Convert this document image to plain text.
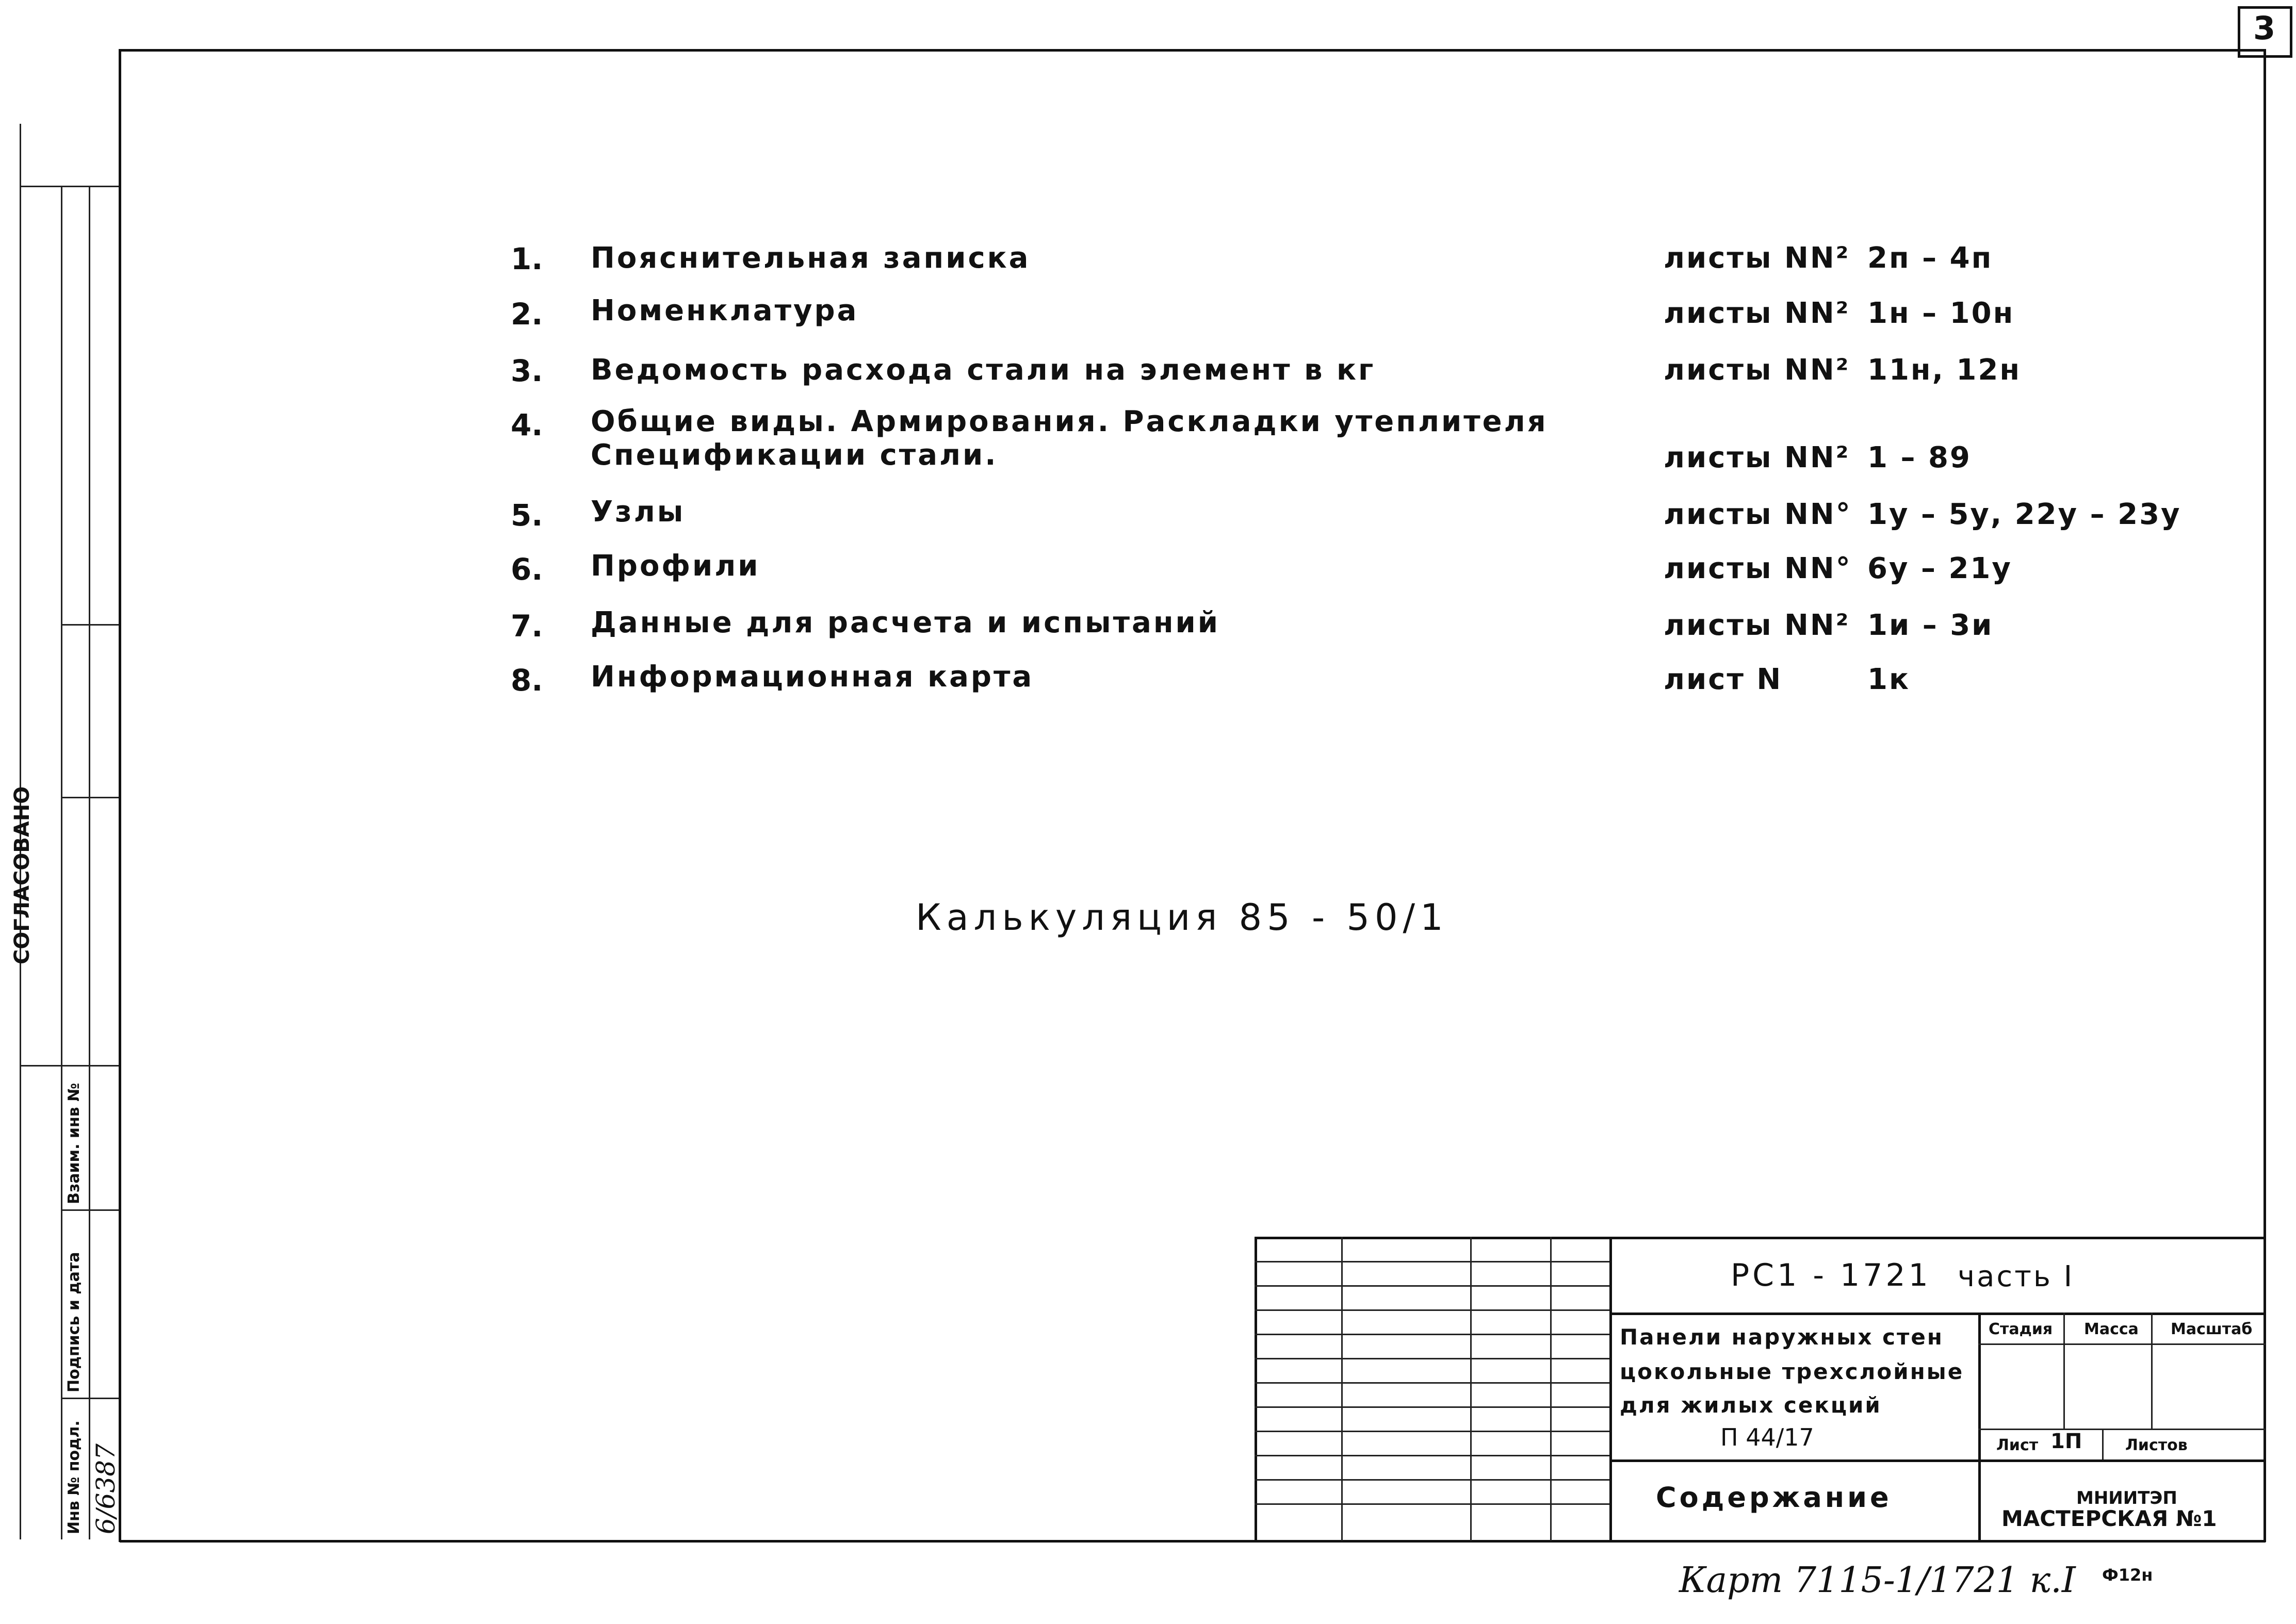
3
СОГЛАСОВАНО
Взаим. инв №
Подпись и дата
Инв № подл. 6/6387
1. Пояснительная записка	листы NN² 2п – 4п
2. Номенклатура	листы NN² 1н – 10н
3. Ведомость расхода стали на элемент в кг	листы NN² 11н, 12н
4. Общие виды. Армирования. Раскладки утеплителя
Спецификации стали.	листы NN² 1 – 89
5. Узлы	листы NN° 1у – 5у, 22у – 23у
6. Профили	листы NN° 6у – 21у
7. Данные для расчета и испытаний	листы NN² 1и – 3и
8. Информационная карта	лист N	1к
Калькуляция 85 - 50/1
РС1 - 1721 часть I
Панели наружных стен
цокольные трехслойные
для жилых секций
П 44/17
Стадия Масса Масштаб
Лист 1П	Листов
Содержание	МНИИТЭП
МАСТЕРСКАЯ №1
Карт 7115-1/1721 к.I Ф12н
